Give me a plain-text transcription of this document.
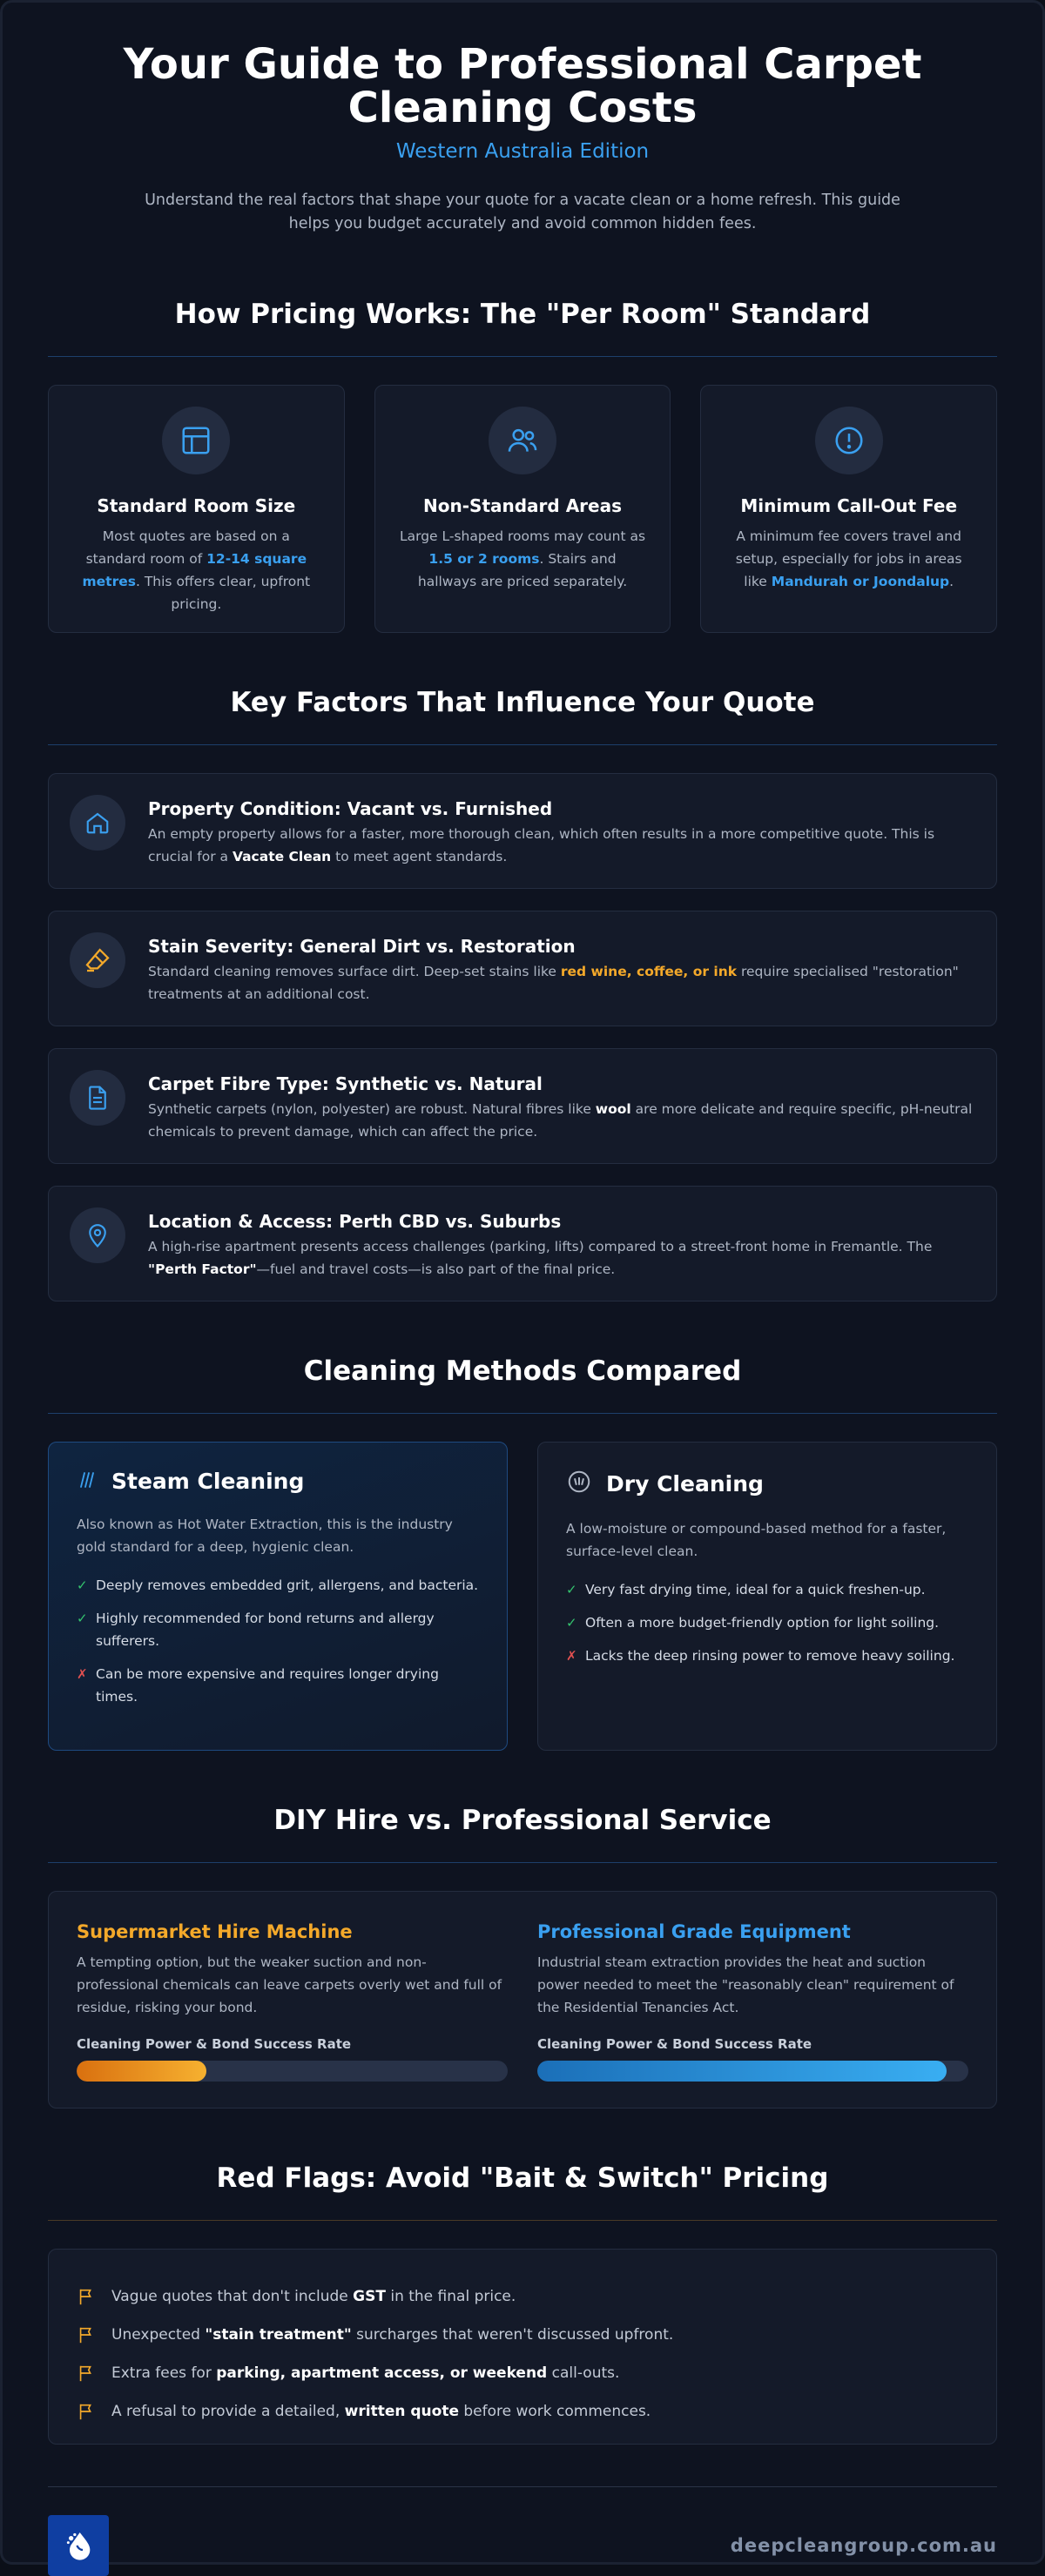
Your Guide to Professional Carpet
Cleaning Costs
Western Australia Edition

Understand the real factors that shape your quote for a vacate clean or a home refresh. This guide helps you budget accurately and avoid common hidden fees.

How Pricing Works: The "Per Room" Standard
Standard Room Size

Most quotes are based on a standard room of 12-14 square metres. This offers clear, upfront pricing.

Non-Standard Areas

Large L-shaped rooms may count as 1.5 or 2 rooms. Stairs and hallways are priced separately.

Minimum Call-Out Fee

A minimum fee covers travel and setup, especially for jobs in areas like Mandurah or Joondalup.

Key Factors That Influence Your Quote
Property Condition: Vacant vs. Furnished

An empty property allows for a faster, more thorough clean, which often results in a more competitive quote. This is crucial for a Vacate Clean to meet agent standards.

Stain Severity: General Dirt vs. Restoration

Standard cleaning removes surface dirt. Deep-set stains like red wine, coffee, or ink require specialised "restoration" treatments at an additional cost.

Carpet Fibre Type: Synthetic vs. Natural

Synthetic carpets (nylon, polyester) are robust. Natural fibres like wool are more delicate and require specific, pH-neutral chemicals to prevent damage, which can affect the price.

Location & Access: Perth CBD vs. Suburbs

A high-rise apartment presents access challenges (parking, lifts) compared to a street-front home in Fremantle. The "Perth Factor"—fuel and travel costs—is also part of the final price.

Cleaning Methods Compared
Steam Cleaning

Also known as Hot Water Extraction, this is the industry gold standard for a deep, hygienic clean.

✓ Deeply removes embedded grit, allergens, and bacteria.
✓ Highly recommended for bond returns and allergy sufferers.
✗ Can be more expensive and requires longer drying times.
Dry Cleaning

A low-moisture or compound-based method for a faster, surface-level clean.

✓ Very fast drying time, ideal for a quick freshen-up.
✓ Often a more budget-friendly option for light soiling.
✗ Lacks the deep rinsing power to remove heavy soiling.
DIY Hire vs. Professional Service
Supermarket Hire Machine

A tempting option, but the weaker suction and non-professional chemicals can leave carpets overly wet and full of residue, risking your bond.

Cleaning Power & Bond Success Rate
Professional Grade Equipment

Industrial steam extraction provides the heat and suction power needed to meet the "reasonably clean" requirement of the Residential Tenancies Act.

Cleaning Power & Bond Success Rate
Red Flags: Avoid "Bait & Switch" Pricing
Vague quotes that don't include GST in the final price.
Unexpected "stain treatment" surcharges that weren't discussed upfront.
Extra fees for parking, apartment access, or weekend call-outs.
A refusal to provide a detailed, written quote before work commences.
deepcleangroup.com.au
